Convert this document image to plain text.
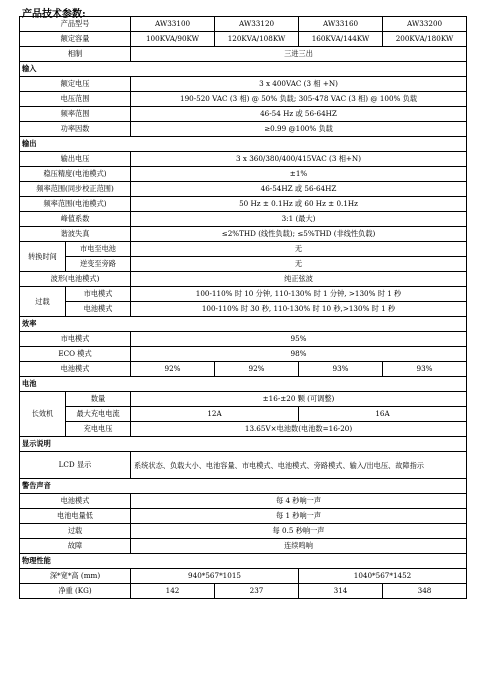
产品技术参数:
产品型号		AW33100	AW33120	AW33160	AW33200
额定容量		100KVA/90KW	120KVA/108KW	160KVA/144KW	200KVA/180KW
相制		三进三出			
输入					
额定电压		3 x 400VAC (3 相 +N)			
电压范围		190-520 VAC (3 相) @ 50% 负载; 305-478 VAC (3 相) @ 100% 负载			
频率范围		46-54 Hz 或 56-64HZ			
功率因数		≥0.99 @100% 负载			
输出					
输出电压		3 x 360/380/400/415VAC (3 相+N)			
稳压精度(电池模式)		±1%			
频率范围(同步校正范围)		46-54HZ 或 56-64HZ			
频率范围(电池模式)		50 Hz ± 0.1Hz 或 60 Hz ± 0.1Hz			
峰值系数		3:1 (最大)			
谐波失真		≤2%THD (线性负载); ≤5%THD (非线性负载)			
转换时间	市电至电池	无			
	逆变至旁路	无			
波形(电池模式)		纯正弦波			
过载	市电模式	100-110% 时 10 分钟, 110-130% 时 1 分钟, >130% 时 1 秒			
	电池模式	100-110% 时 30 秒, 110-130% 时 10 秒,>130% 时 1 秒			
效率					
市电模式		95%			
ECO 模式		98%			
电池模式		92%	92%	93%	93%
电池					
长效机	数量	±16-±20 颗 (可调整)			
	最大充电电流	12A		16A	
	充电电压	13.65V×电池数(电池数=16-20)			
显示说明					
LCD 显示		系统状态、负载大小、电池容量、市电模式、电池模式、旁路模式、输入/出电压、故障指示			
警告声音					
电池模式		每 4 秒响一声			
电池电量低		每 1 秒响一声			
过载		每 0.5 秒响一声			
故障		连续鸣响			
物理性能					
深*宽*高 (mm)		940*567*1015		1040*567*1452	
净重 (KG)		142	237	314	348
